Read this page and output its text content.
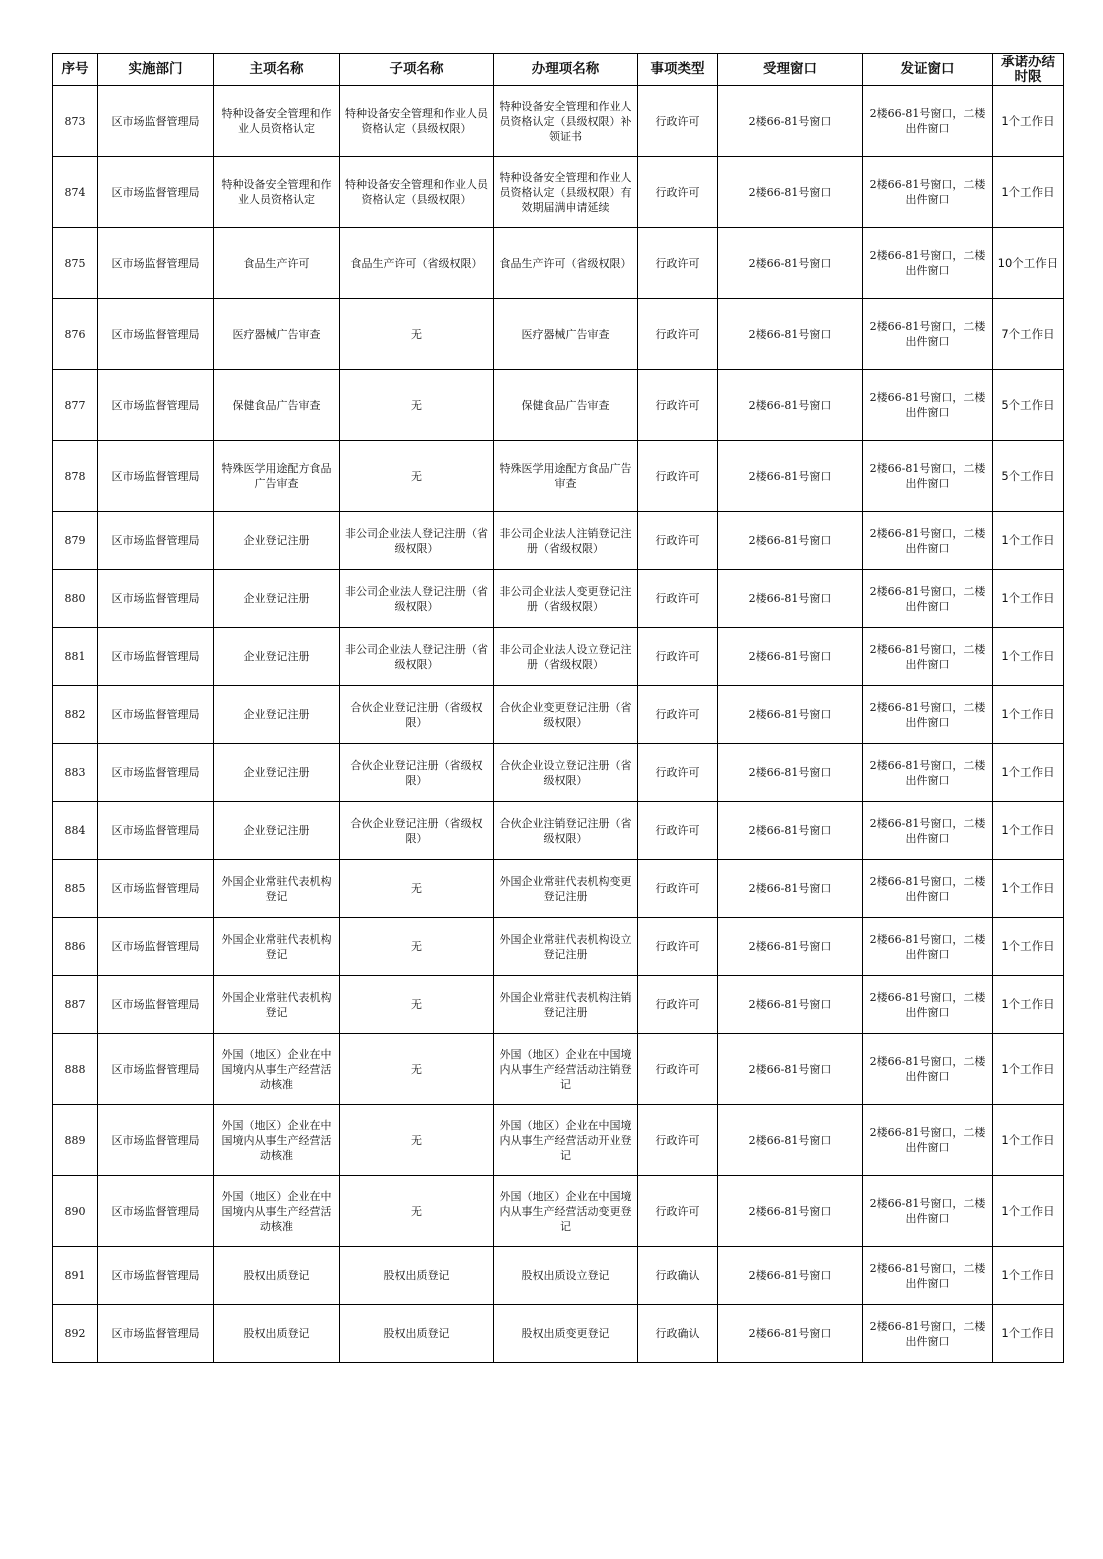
序号	实施部门	主项名称	子项名称	办理项名称	事项类型	受理窗口	发证窗口	承诺办结时限

873	区市场监督管理局	特种设备安全管理和作业人员资格认定	特种设备安全管理和作业人员资格认定（县级权限）	特种设备安全管理和作业人员资格认定（县级权限）补领证书	行政许可	2楼66-81号窗口	2楼66-81号窗口，二楼出件窗口	1个工作日
874	区市场监督管理局	特种设备安全管理和作业人员资格认定	特种设备安全管理和作业人员资格认定（县级权限）	特种设备安全管理和作业人员资格认定（县级权限）有效期届满申请延续	行政许可	2楼66-81号窗口	2楼66-81号窗口，二楼出件窗口	1个工作日
875	区市场监督管理局	食品生产许可	食品生产许可（省级权限）	食品生产许可（省级权限）	行政许可	2楼66-81号窗口	2楼66-81号窗口，二楼出件窗口	10个工作日
876	区市场监督管理局	医疗器械广告审查	无	医疗器械广告审查	行政许可	2楼66-81号窗口	2楼66-81号窗口，二楼出件窗口	7个工作日
877	区市场监督管理局	保健食品广告审查	无	保健食品广告审查	行政许可	2楼66-81号窗口	2楼66-81号窗口，二楼出件窗口	5个工作日
878	区市场监督管理局	特殊医学用途配方食品广告审查	无	特殊医学用途配方食品广告审查	行政许可	2楼66-81号窗口	2楼66-81号窗口，二楼出件窗口	5个工作日
879	区市场监督管理局	企业登记注册	非公司企业法人登记注册（省级权限）	非公司企业法人注销登记注册（省级权限）	行政许可	2楼66-81号窗口	2楼66-81号窗口，二楼出件窗口	1个工作日
880	区市场监督管理局	企业登记注册	非公司企业法人登记注册（省级权限）	非公司企业法人变更登记注册（省级权限）	行政许可	2楼66-81号窗口	2楼66-81号窗口，二楼出件窗口	1个工作日
881	区市场监督管理局	企业登记注册	非公司企业法人登记注册（省级权限）	非公司企业法人设立登记注册（省级权限）	行政许可	2楼66-81号窗口	2楼66-81号窗口，二楼出件窗口	1个工作日
882	区市场监督管理局	企业登记注册	合伙企业登记注册（省级权限）	合伙企业变更登记注册（省级权限）	行政许可	2楼66-81号窗口	2楼66-81号窗口，二楼出件窗口	1个工作日
883	区市场监督管理局	企业登记注册	合伙企业登记注册（省级权限）	合伙企业设立登记注册（省级权限）	行政许可	2楼66-81号窗口	2楼66-81号窗口，二楼出件窗口	1个工作日
884	区市场监督管理局	企业登记注册	合伙企业登记注册（省级权限）	合伙企业注销登记注册（省级权限）	行政许可	2楼66-81号窗口	2楼66-81号窗口，二楼出件窗口	1个工作日
885	区市场监督管理局	外国企业常驻代表机构登记	无	外国企业常驻代表机构变更登记注册	行政许可	2楼66-81号窗口	2楼66-81号窗口，二楼出件窗口	1个工作日
886	区市场监督管理局	外国企业常驻代表机构登记	无	外国企业常驻代表机构设立登记注册	行政许可	2楼66-81号窗口	2楼66-81号窗口，二楼出件窗口	1个工作日
887	区市场监督管理局	外国企业常驻代表机构登记	无	外国企业常驻代表机构注销登记注册	行政许可	2楼66-81号窗口	2楼66-81号窗口，二楼出件窗口	1个工作日
888	区市场监督管理局	外国（地区）企业在中国境内从事生产经营活动核准	无	外国（地区）企业在中国境内从事生产经营活动注销登记	行政许可	2楼66-81号窗口	2楼66-81号窗口，二楼出件窗口	1个工作日
889	区市场监督管理局	外国（地区）企业在中国境内从事生产经营活动核准	无	外国（地区）企业在中国境内从事生产经营活动开业登记	行政许可	2楼66-81号窗口	2楼66-81号窗口，二楼出件窗口	1个工作日
890	区市场监督管理局	外国（地区）企业在中国境内从事生产经营活动核准	无	外国（地区）企业在中国境内从事生产经营活动变更登记	行政许可	2楼66-81号窗口	2楼66-81号窗口，二楼出件窗口	1个工作日
891	区市场监督管理局	股权出质登记	股权出质登记	股权出质设立登记	行政确认	2楼66-81号窗口	2楼66-81号窗口，二楼出件窗口	1个工作日
892	区市场监督管理局	股权出质登记	股权出质登记	股权出质变更登记	行政确认	2楼66-81号窗口	2楼66-81号窗口，二楼出件窗口	1个工作日
